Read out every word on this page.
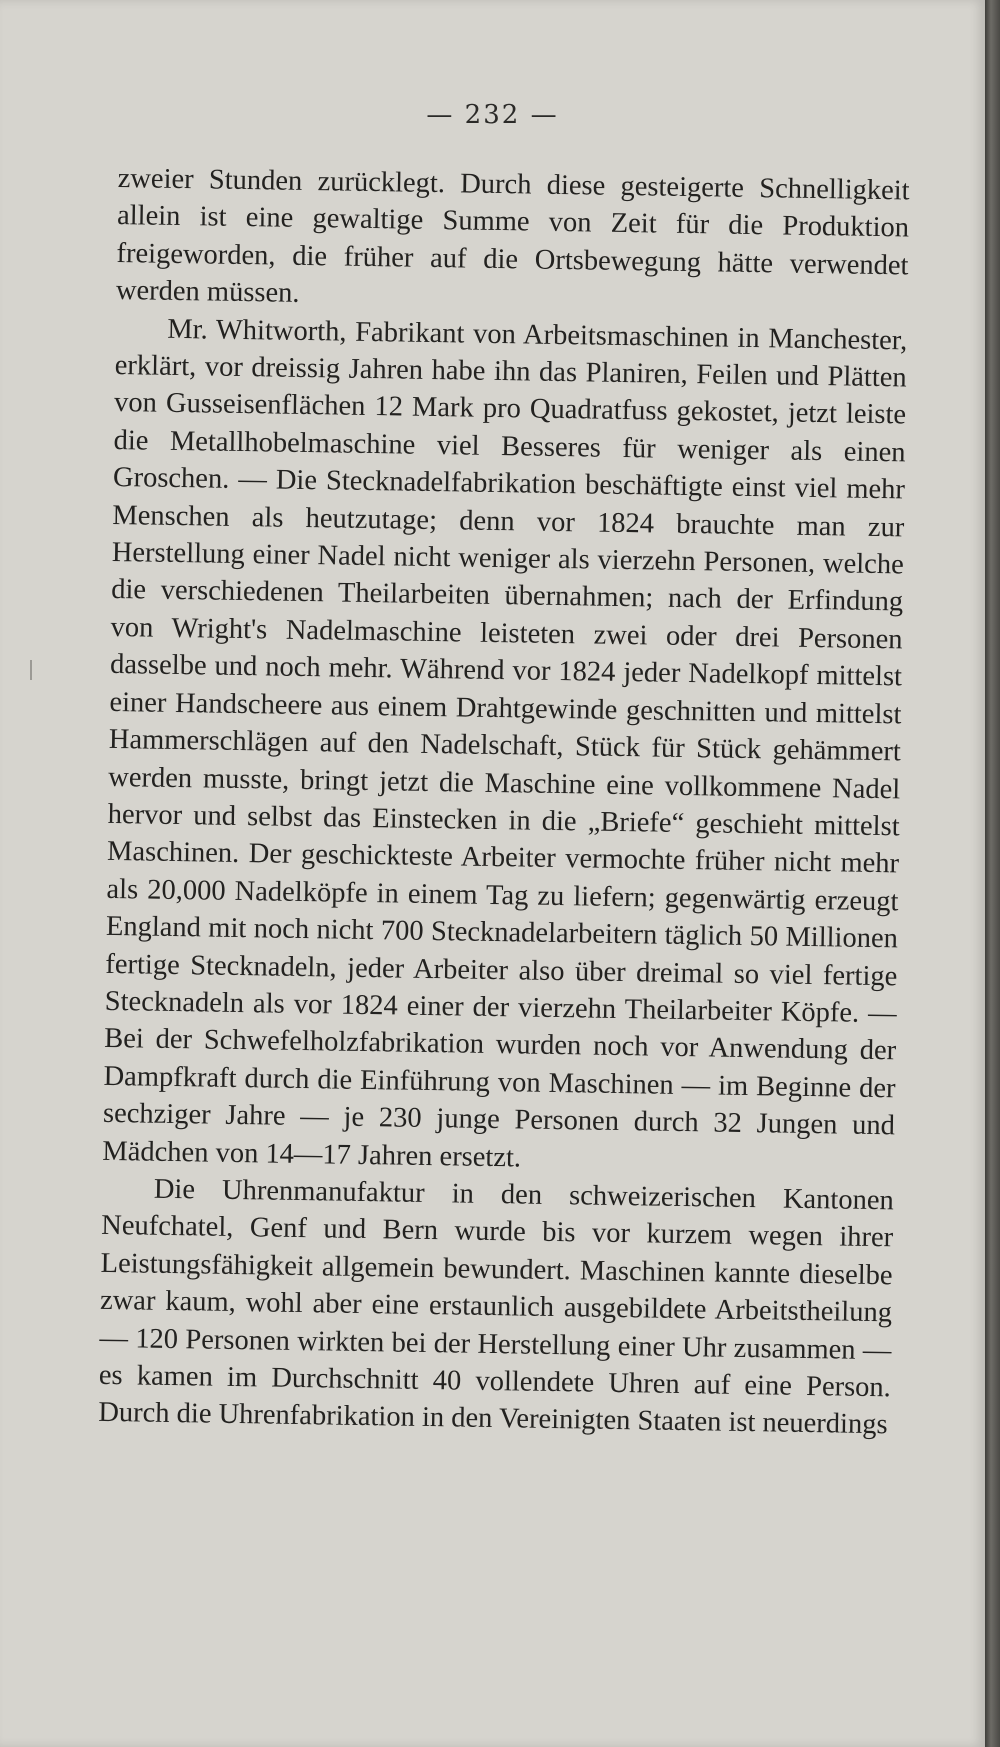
— 232 —

zweier Stunden zurücklegt. Durch diese gesteigerte Schnelligkeit allein ist eine gewaltige Summe von Zeit für die Produktion freigeworden, die früher auf die Ortsbewegung hätte verwendet werden müssen.

Mr. Whitworth, Fabrikant von Arbeitsmaschinen in Manchester, erklärt, vor dreissig Jahren habe ihn das Planiren, Feilen und Plätten von Gusseisenflächen 12 Mark pro Quadratfuss gekostet, jetzt leiste die Metallhobelmaschine viel Besseres für weniger als einen Groschen. — Die Stecknadelfabrikation beschäftigte einst viel mehr Menschen als heutzutage; denn vor 1824 brauchte man zur Herstellung einer Nadel nicht weniger als vierzehn Personen, welche die verschiedenen Theilarbeiten übernahmen; nach der Erfindung von Wright's Nadelmaschine leisteten zwei oder drei Personen dasselbe und noch mehr. Während vor 1824 jeder Nadelkopf mittelst einer Handscheere aus einem Drahtgewinde geschnitten und mittelst Hammerschlägen auf den Nadelschaft, Stück für Stück gehämmert werden musste, bringt jetzt die Maschine eine vollkommene Nadel hervor und selbst das Einstecken in die „Briefe“ geschieht mittelst Maschinen. Der geschickteste Arbeiter vermochte früher nicht mehr als 20,000 Nadelköpfe in einem Tag zu liefern; gegenwärtig erzeugt England mit noch nicht 700 Stecknadelarbeitern täglich 50 Millionen fertige Stecknadeln, jeder Arbeiter also über dreimal so viel fertige Stecknadeln als vor 1824 einer der vierzehn Theilarbeiter Köpfe. — Bei der Schwefelholzfabrikation wurden noch vor Anwendung der Dampfkraft durch die Einführung von Maschinen — im Beginne der sechziger Jahre — je 230 junge Personen durch 32 Jungen und Mädchen von 14—17 Jahren ersetzt.

Die Uhrenmanufaktur in den schweizerischen Kantonen Neufchatel, Genf und Bern wurde bis vor kurzem wegen ihrer Leistungsfähigkeit allgemein bewundert. Maschinen kannte dieselbe zwar kaum, wohl aber eine erstaunlich ausgebildete Arbeitstheilung — 120 Personen wirkten bei der Herstellung einer Uhr zusammen — es kamen im Durchschnitt 40 vollendete Uhren auf eine Person. Durch die Uhrenfabrikation in den Vereinigten Staaten ist neuerdings
